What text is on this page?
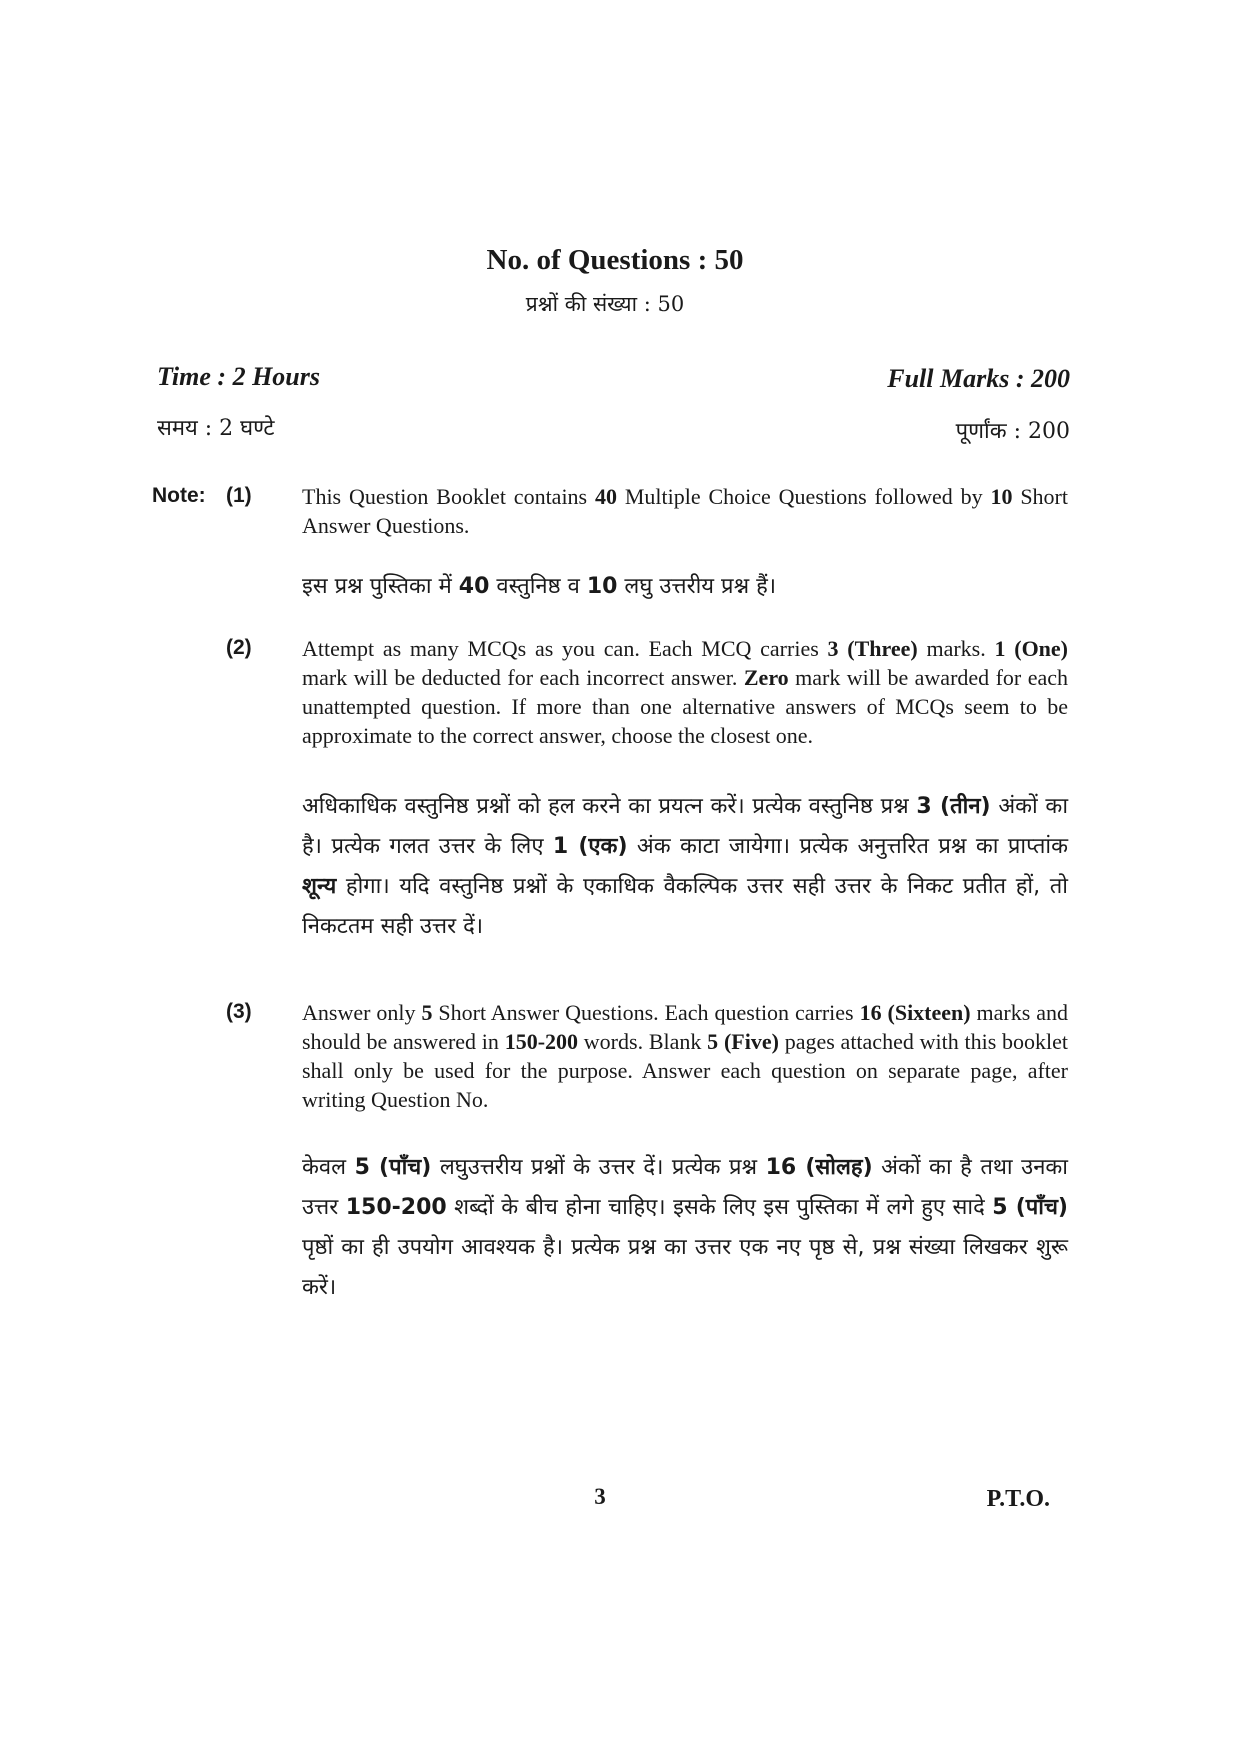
No. of Questions : 50
प्रश्नों की संख्या : 50
Time : 2 Hours
समय : 2 घण्टे
Full Marks : 200
पूर्णांक : 200
Note: (1) This Question Booklet contains 40 Multiple Choice Questions followed by 10 Short Answer Questions.
इस प्रश्न पुस्तिका में 40 वस्तुनिष्ठ व 10 लघु उत्तरीय प्रश्न हैं।
(2) Attempt as many MCQs as you can. Each MCQ carries 3 (Three) marks. 1 (One) mark will be deducted for each incorrect answer. Zero mark will be awarded for each unattempted question. If more than one alternative answers of MCQs seem to be approximate to the correct answer, choose the closest one.
अधिकाधिक वस्तुनिष्ठ प्रश्नों को हल करने का प्रयत्न करें। प्रत्येक वस्तुनिष्ठ प्रश्न 3 (तीन) अंकों का है। प्रत्येक गलत उत्तर के लिए 1 (एक) अंक काटा जायेगा। प्रत्येक अनुत्तरित प्रश्न का प्राप्तांक शून्य होगा। यदि वस्तुनिष्ठ प्रश्नों के एकाधिक वैकल्पिक उत्तर सही उत्तर के निकट प्रतीत हों, तो निकटतम सही उत्तर दें।
(3) Answer only 5 Short Answer Questions. Each question carries 16 (Sixteen) marks and should be answered in 150-200 words. Blank 5 (Five) pages attached with this booklet shall only be used for the purpose. Answer each question on separate page, after writing Question No.
केवल 5 (पाँच) लघुउत्तरीय प्रश्नों के उत्तर दें। प्रत्येक प्रश्न 16 (सोलह) अंकों का है तथा उनका उत्तर 150-200 शब्दों के बीच होना चाहिए। इसके लिए इस पुस्तिका में लगे हुए सादे 5 (पाँच) पृष्ठों का ही उपयोग आवश्यक है। प्रत्येक प्रश्न का उत्तर एक नए पृष्ठ से, प्रश्न संख्या लिखकर शुरू करें।
3	P.T.O.
